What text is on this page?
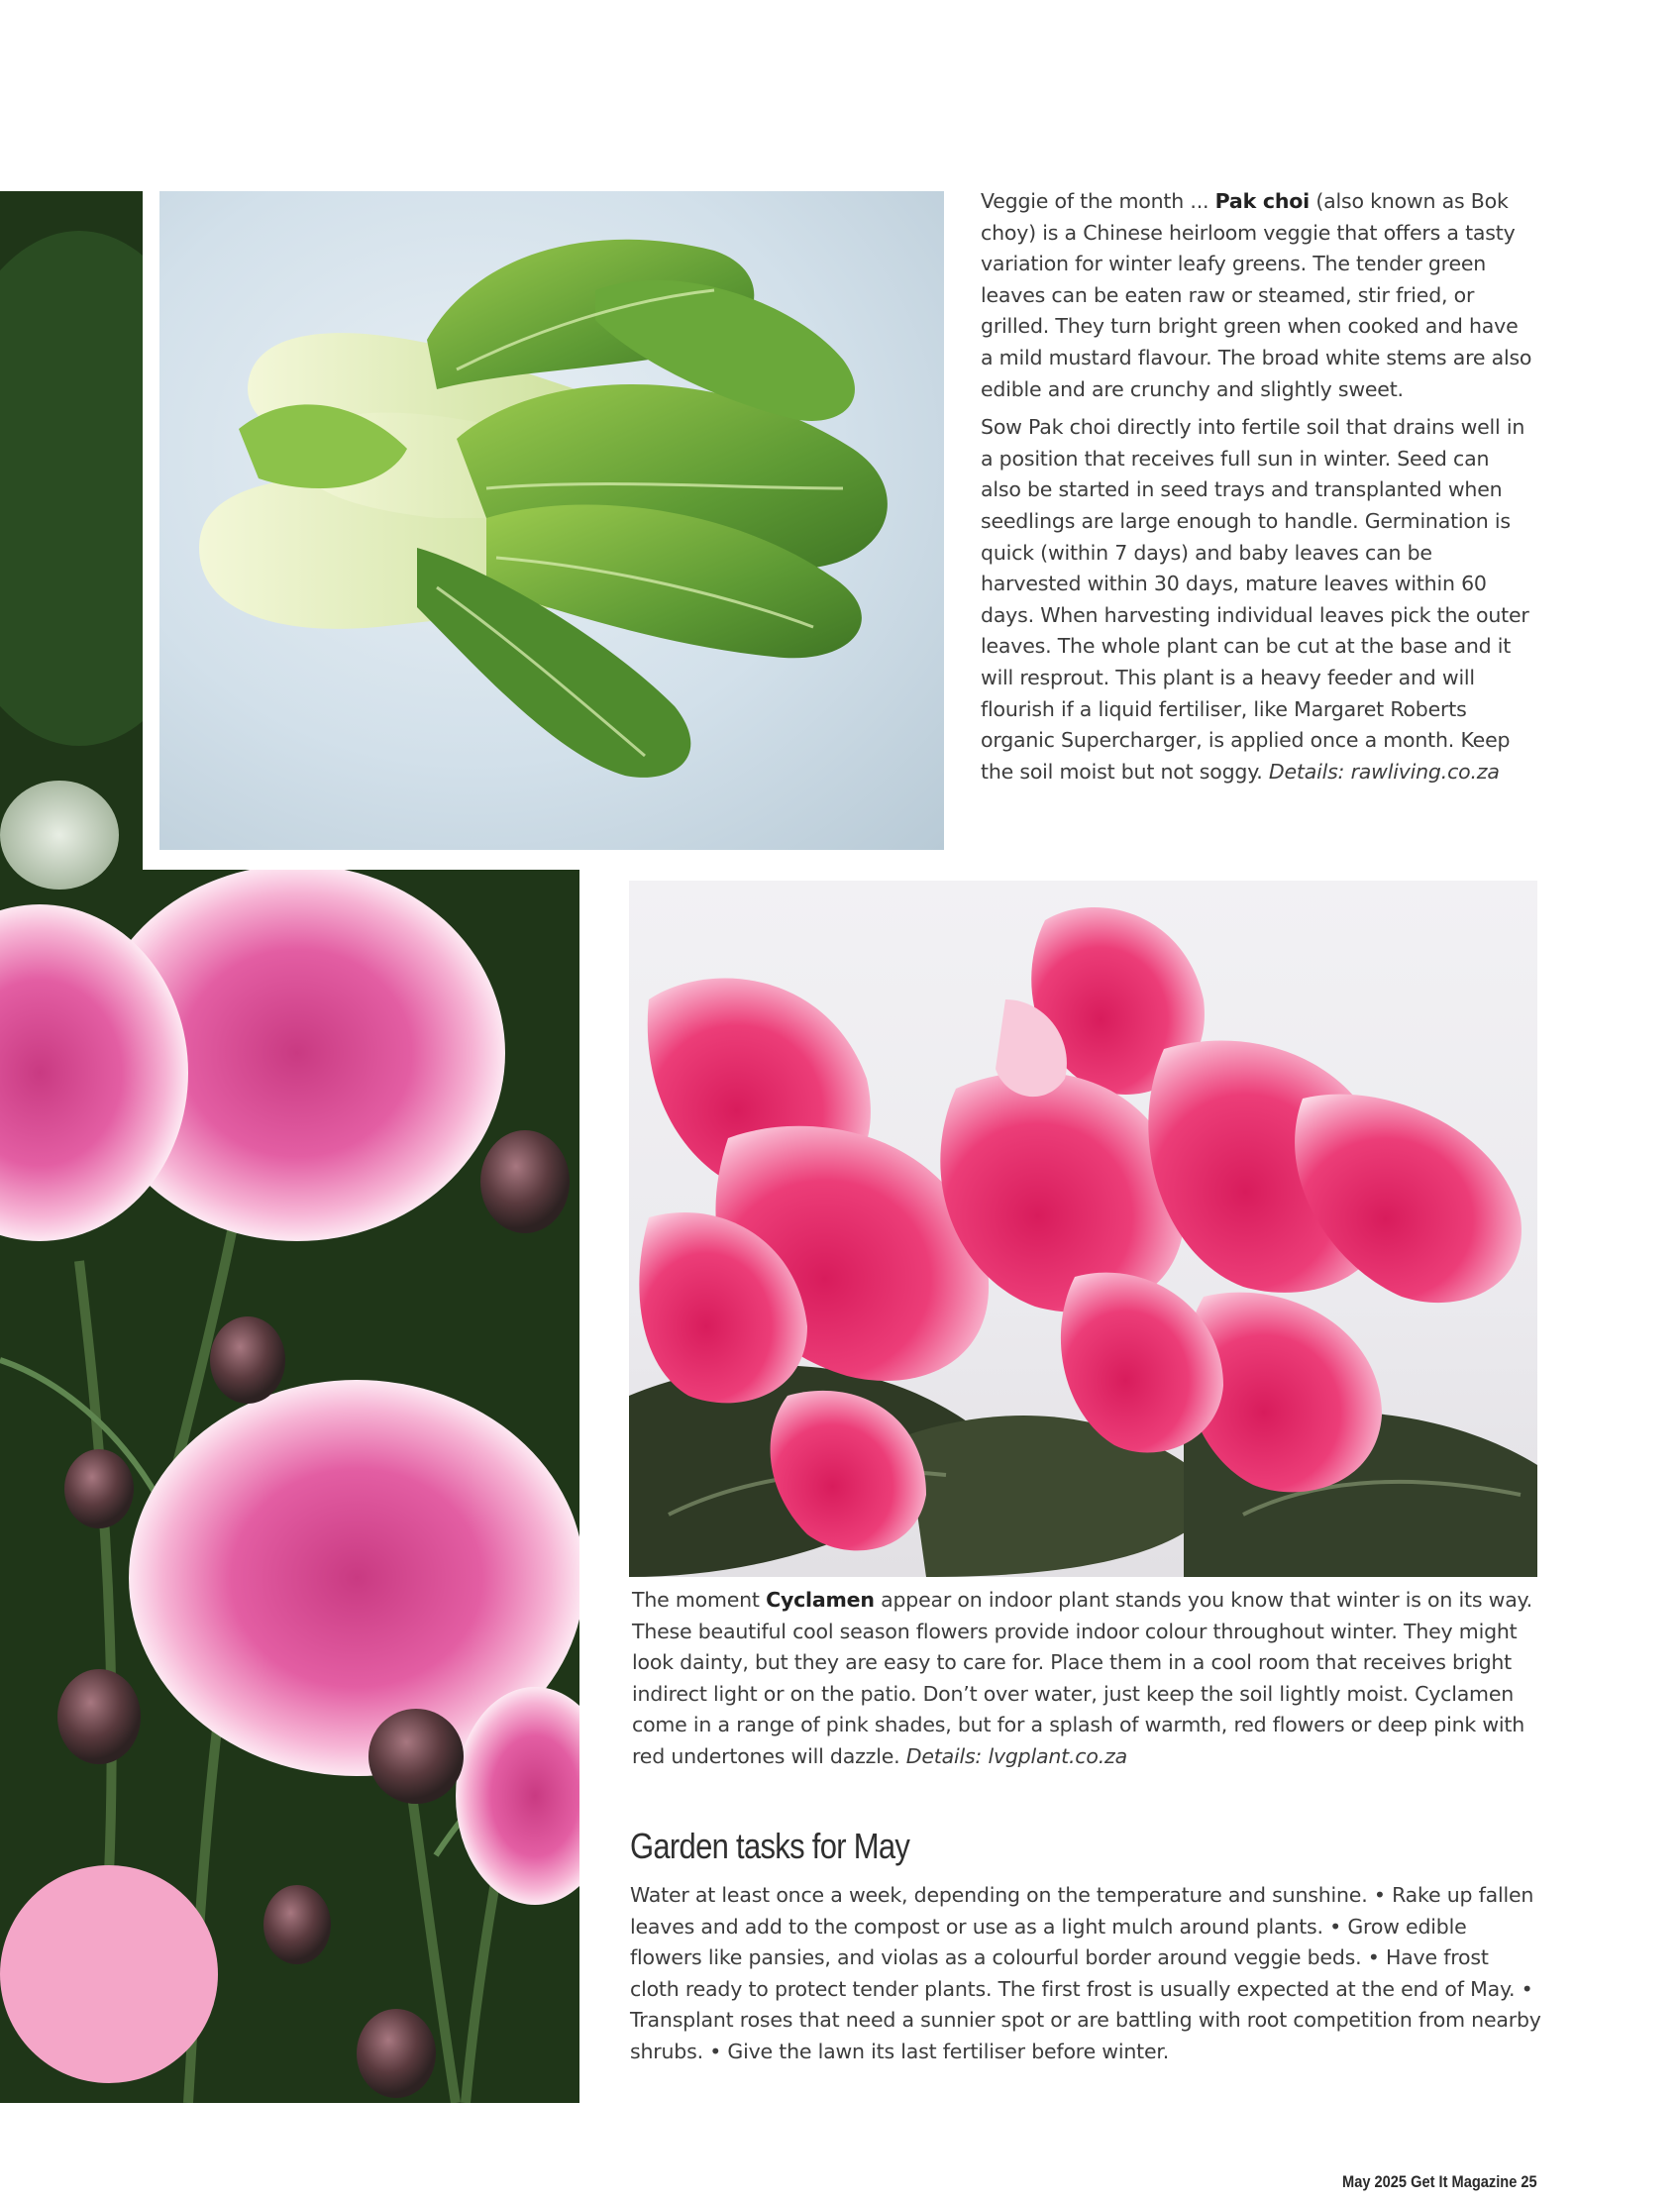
Veggie of the month ... Pak choi (also known as Bok choy) is a Chinese heirloom veggie that offers a tasty variation for winter leafy greens. The tender green leaves can be eaten raw or steamed, stir fried, or grilled. They turn bright green when cooked and have a mild mustard flavour. The broad white stems are also edible and are crunchy and slightly sweet.

Sow Pak choi directly into fertile soil that drains well in a position that receives full sun in winter. Seed can also be started in seed trays and transplanted when seedlings are large enough to handle. Germination is quick (within 7 days) and baby leaves can be harvested within 30 days, mature leaves within 60 days. When harvesting individual leaves pick the outer leaves. The whole plant can be cut at the base and it will resprout. This plant is a heavy feeder and will flourish if a liquid fertiliser, like Margaret Roberts organic Supercharger, is applied once a month. Keep the soil moist but not soggy. Details: rawliving.co.za

The moment Cyclamen appear on indoor plant stands you know that winter is on its way. These beautiful cool season flowers provide indoor colour throughout winter. They might look dainty, but they are easy to care for. Place them in a cool room that receives bright indirect light or on the patio. Don’t over water, just keep the soil lightly moist. Cyclamen come in a range of pink shades, but for a splash of warmth, red flowers or deep pink with red undertones will dazzle. Details: lvgplant.co.za

Garden tasks for May

Water at least once a week, depending on the temperature and sunshine. • Rake up fallen leaves and add to the compost or use as a light mulch around plants. • Grow edible flowers like pansies, and violas as a colourful border around veggie beds. • Have frost cloth ready to protect tender plants. The first frost is usually expected at the end of May. • Transplant roses that need a sunnier spot or are battling with root competition from nearby shrubs. • Give the lawn its last fertiliser before winter.

May 2025 Get It Magazine 25
